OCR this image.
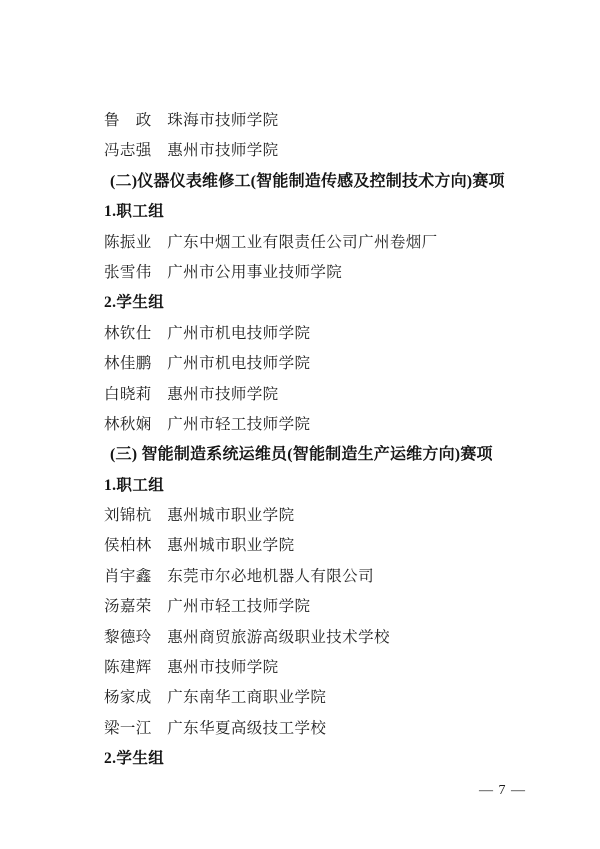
鲁　政 珠海市技师学院
冯志强 惠州市技师学院
(二)仪器仪表维修工(智能制造传感及控制技术方向)赛项
1.职工组
陈振业 广东中烟工业有限责任公司广州卷烟厂
张雪伟 广州市公用事业技师学院
2.学生组
林钦仕 广州市机电技师学院
林佳鹏 广州市机电技师学院
白晓莉 惠州市技师学院
林秋娴 广州市轻工技师学院
(三) 智能制造系统运维员(智能制造生产运维方向)赛项
1.职工组
刘锦杭 惠州城市职业学院
侯柏林 惠州城市职业学院
肖宇鑫 东莞市尔必地机器人有限公司
汤嘉荣 广州市轻工技师学院
黎德玲 惠州商贸旅游高级职业技术学校
陈建辉 惠州市技师学院
杨家成 广东南华工商职业学院
梁一江 广东华夏高级技工学校
2.学生组
— 7 —
